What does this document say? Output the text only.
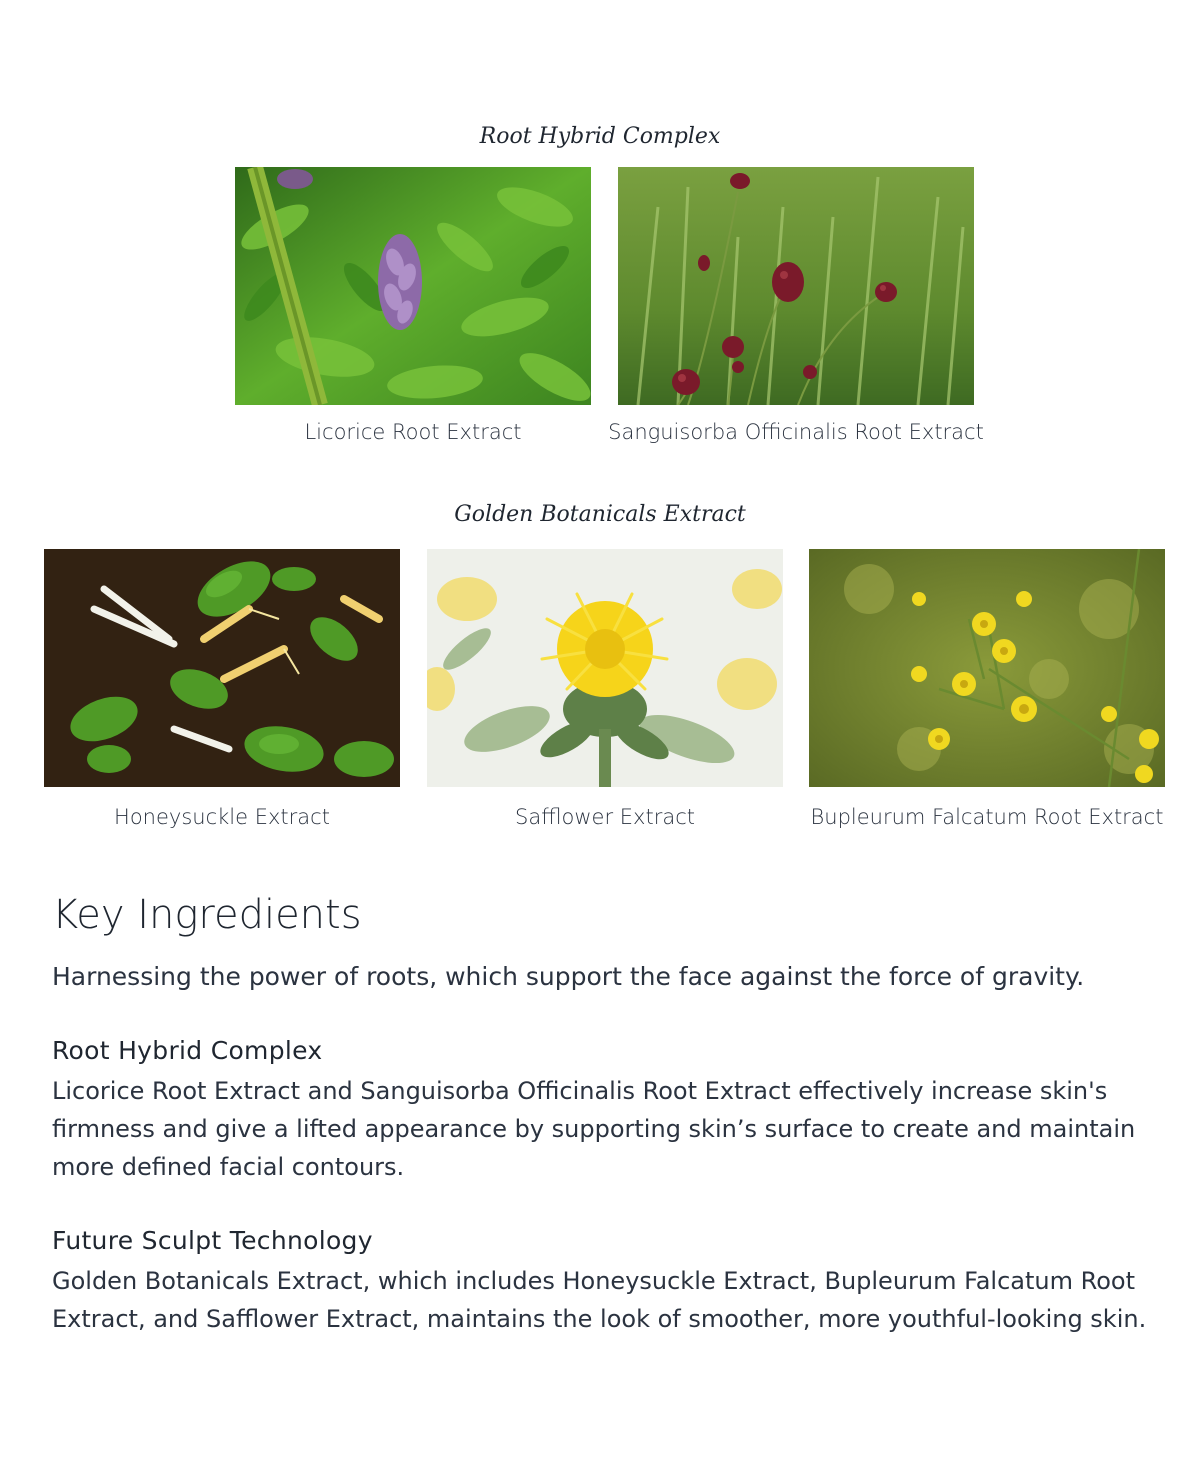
Root Hybrid Complex
Licorice Root Extract	Sanguisorba Officinalis Root Extract
Golden Botanicals Extract
Honeysuckle Extract	Safflower Extract	Bupleurum Falcatum Root Extract
Key Ingredients
Harnessing the power of roots, which support the face against the force of gravity.
Root Hybrid Complex
Licorice Root Extract and Sanguisorba Officinalis Root Extract effectively increase skin's firmness and give a lifted appearance by supporting skin’s surface to create and maintain more defined facial contours.
Future Sculpt Technology
Golden Botanicals Extract, which includes Honeysuckle Extract, Bupleurum Falcatum Root Extract, and Safflower Extract, maintains the look of smoother, more youthful-looking skin.
